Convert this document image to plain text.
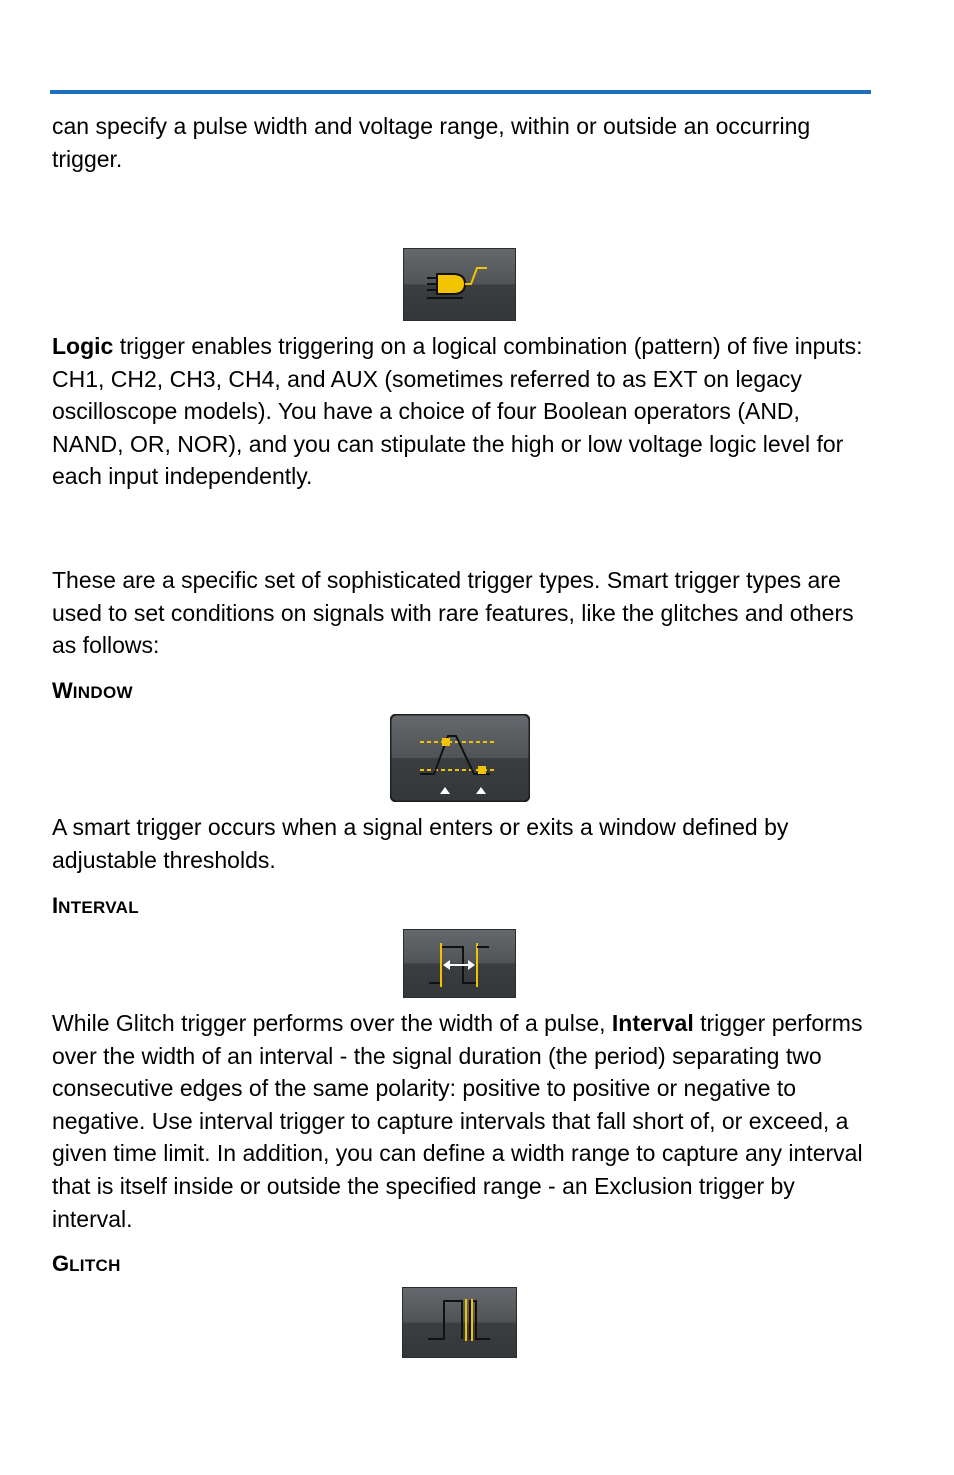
can specify a pulse width and voltage range, within or outside an occurring trigger.

Logic trigger enables triggering on a logical combination (pattern) of five inputs: CH1, CH2, CH3, CH4, and AUX (sometimes referred to as EXT on legacy oscilloscope models). You have a choice of four Boolean operators (AND, NAND, OR, NOR), and you can stipulate the high or low voltage logic level for each input independently.

These are a specific set of sophisticated trigger types. Smart trigger types are used to set conditions on signals with rare features, like the glitches and others as follows:

WINDOW

A smart trigger occurs when a signal enters or exits a window defined by adjustable thresholds.

INTERVAL

While Glitch trigger performs over the width of a pulse, Interval trigger performs over the width of an interval - the signal duration (the period) separating two consecutive edges of the same polarity: positive to positive or negative to negative. Use interval trigger to capture intervals that fall short of, or exceed, a given time limit. In addition, you can define a width range to capture any interval that is itself inside or outside the specified range - an Exclusion trigger by interval.

GLITCH
